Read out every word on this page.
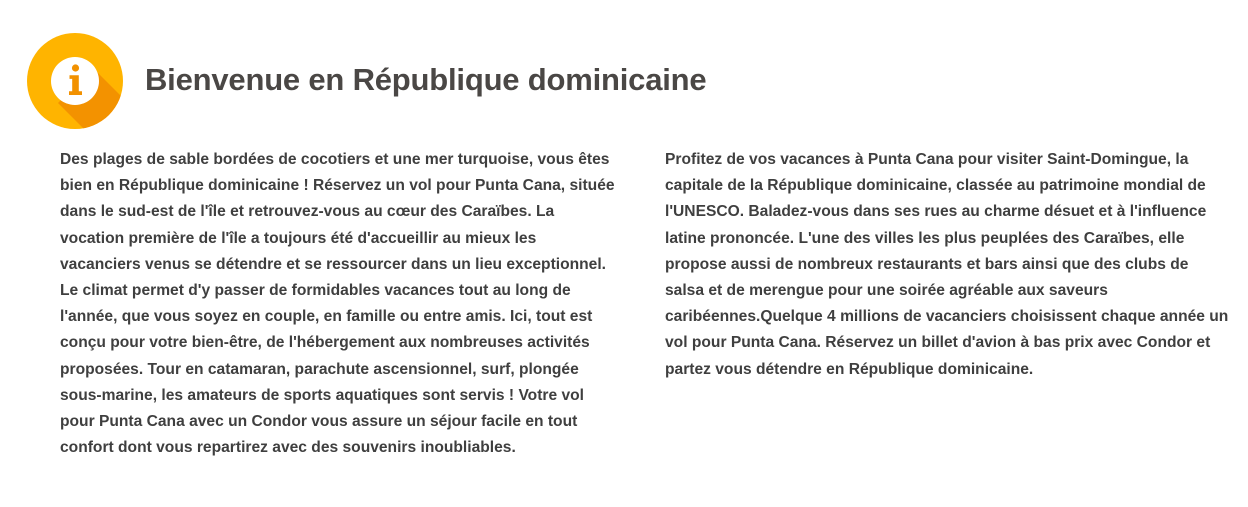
Bienvenue en République dominicaine

Des plages de sable bordées de cocotiers et une mer turquoise, vous êtes bien en République dominicaine ! Réservez un vol pour Punta Cana, située dans le sud-est de l'île et retrouvez-vous au cœur des Caraïbes. La vocation première de l'île a toujours été d'accueillir au mieux les vacanciers venus se détendre et se ressourcer dans un lieu exceptionnel. Le climat permet d'y passer de formidables vacances tout au long de l'année, que vous soyez en couple, en famille ou entre amis. Ici, tout est conçu pour votre bien-être, de l'hébergement aux nombreuses activités proposées. Tour en catamaran, parachute ascensionnel, surf, plongée sous-marine, les amateurs de sports aquatiques sont servis ! Votre vol pour Punta Cana avec un Condor vous assure un séjour facile en tout confort dont vous repartirez avec des souvenirs inoubliables.

Profitez de vos vacances à Punta Cana pour visiter Saint-Domingue, la capitale de la République dominicaine, classée au patrimoine mondial de l'UNESCO. Baladez-vous dans ses rues au charme désuet et à l'influence latine prononcée. L'une des villes les plus peuplées des Caraïbes, elle propose aussi de nombreux restaurants et bars ainsi que des clubs de salsa et de merengue pour une soirée agréable aux saveurs caribéennes.Quelque 4 millions de vacanciers choisissent chaque année un vol pour Punta Cana. Réservez un billet d'avion à bas prix avec Condor et partez vous détendre en République dominicaine.
